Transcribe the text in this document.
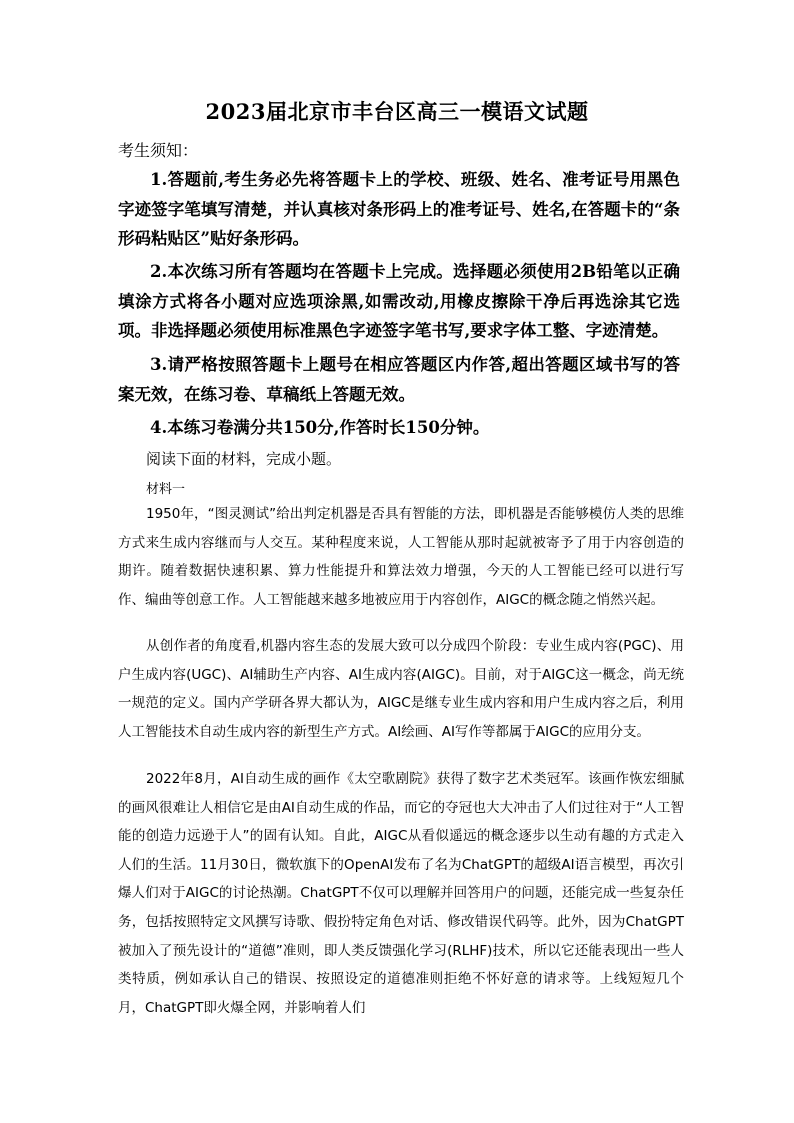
2023届北京市丰台区高三一模语文试题
考生须知：
1.答题前,考生务必先将答题卡上的学校、班级、姓名、准考证号用黑色字迹签字笔填写清楚，并认真核对条形码上的准考证号、姓名,在答题卡的“条形码粘贴区”贴好条形码。
2.本次练习所有答题均在答题卡上完成。选择题必须使用2B铅笔以正确填涂方式将各小题对应选项涂黑,如需改动,用橡皮擦除干净后再选涂其它选项。非选择题必须使用标准黑色字迹签字笔书写,要求字体工整、字迹清楚。
3.请严格按照答题卡上题号在相应答题区内作答,超出答题区域书写的答案无效，在练习卷、草稿纸上答题无效。
4.本练习卷满分共150分,作答时长150分钟。
阅读下面的材料，完成小题。
材料一
1950年，“图灵测试”给出判定机器是否具有智能的方法，即机器是否能够模仿人类的思维方式来生成内容继而与人交互。某种程度来说，人工智能从那时起就被寄予了用于内容创造的期许。随着数据快速积累、算力性能提升和算法效力增强，今天的人工智能已经可以进行写作、编曲等创意工作。人工智能越来越多地被应用于内容创作，AIGC的概念随之悄然兴起。
从创作者的角度看,机器内容生态的发展大致可以分成四个阶段：专业生成内容(PGC)、用户生成内容(UGC)、AI辅助生产内容、AI生成内容(AIGC)。目前，对于AIGC这一概念，尚无统一规范的定义。国内产学研各界大都认为，AIGC是继专业生成内容和用户生成内容之后，利用人工智能技术自动生成内容的新型生产方式。AI绘画、AI写作等都属于AIGC的应用分支。
2022年8月，AI自动生成的画作《太空歌剧院》获得了数字艺术类冠军。该画作恢宏细腻的画风很难让人相信它是由AI自动生成的作品，而它的夺冠也大大冲击了人们过往对于“人工智能的创造力远逊于人”的固有认知。自此，AIGC从看似遥远的概念逐步以生动有趣的方式走入人们的生活。11月30日，微软旗下的OpenAI发布了名为ChatGPT的超级AI语言模型，再次引爆人们对于AIGC的讨论热潮。ChatGPT不仅可以理解并回答用户的问题，还能完成一些复杂任务，包括按照特定文风撰写诗歌、假扮特定角色对话、修改错误代码等。此外，因为ChatGPT被加入了预先设计的“道德”准则，即人类反馈强化学习(RLHF)技术，所以它还能表现出一些人类特质，例如承认自己的错误、按照设定的道德准则拒绝不怀好意的请求等。上线短短几个月，ChatGPT即火爆全网，并影响着人们
